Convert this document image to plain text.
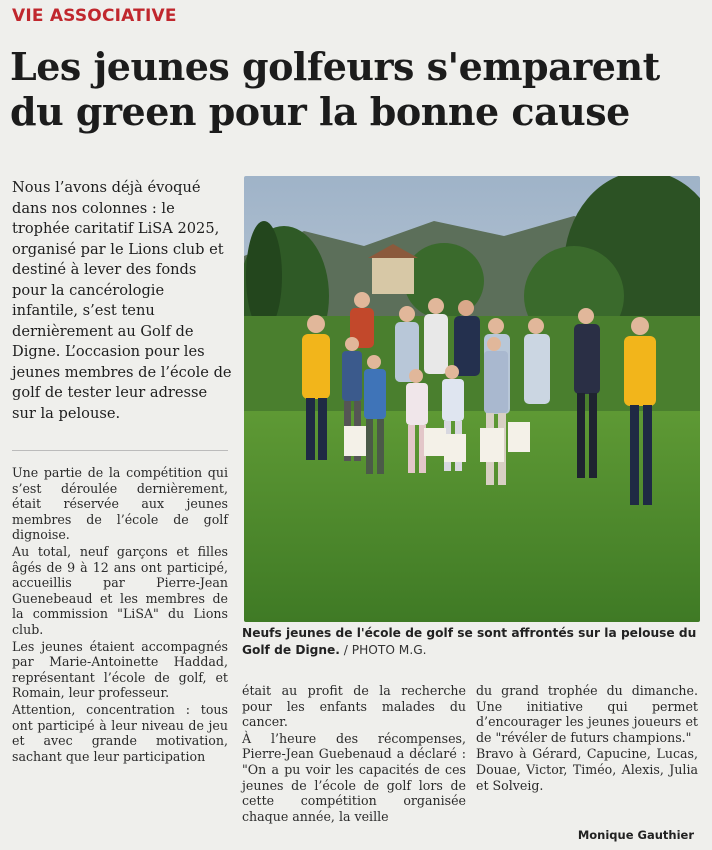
VIE ASSOCIATIVE
Les jeunes golfeurs s'emparent
du green pour la bonne cause

Nous l’avons déjà évoqué dans nos colonnes : le trophée caritatif LiSA 2025, organisé par le Lions club et destiné à lever des fonds pour la cancérologie infantile, s’est tenu dernièrement au Golf de Digne. L’occasion pour les jeunes membres de l’école de golf de tester leur adresse sur la pelouse.

Une partie de la compétition qui s’est déroulée dernièrement, était réservée aux jeunes membres de l’école de golf dignoise.

Au total, neuf garçons et filles âgés de 9 à 12 ans ont participé, accueillis par Pierre-Jean Guenebeaud et les membres de la commission "LiSA" du Lions club.

Les jeunes étaient accompagnés par Marie-Antoinette Haddad, représentant l’école de golf, et Romain, leur professeur.

Attention, concentration : tous ont participé à leur niveau de jeu et avec grande motivation, sachant que leur participation

Neufs jeunes de l'école de golf se sont affrontés sur la pelouse du Golf de Digne. / PHOTO M.G.

était au profit de la recherche pour les enfants malades du cancer.

À l’heure des récompenses, Pierre-Jean Guebenaud a déclaré : "On a pu voir les capacités de ces jeunes de l’école de golf lors de cette compétition organisée chaque année, la veille

du grand trophée du dimanche. Une initiative qui permet d’encourager les jeunes joueurs et de "révéler de futurs champions."

Bravo à Gérard, Capucine, Lucas, Douae, Victor, Timéo, Alexis, Julia et Solveig.

Monique Gauthier
